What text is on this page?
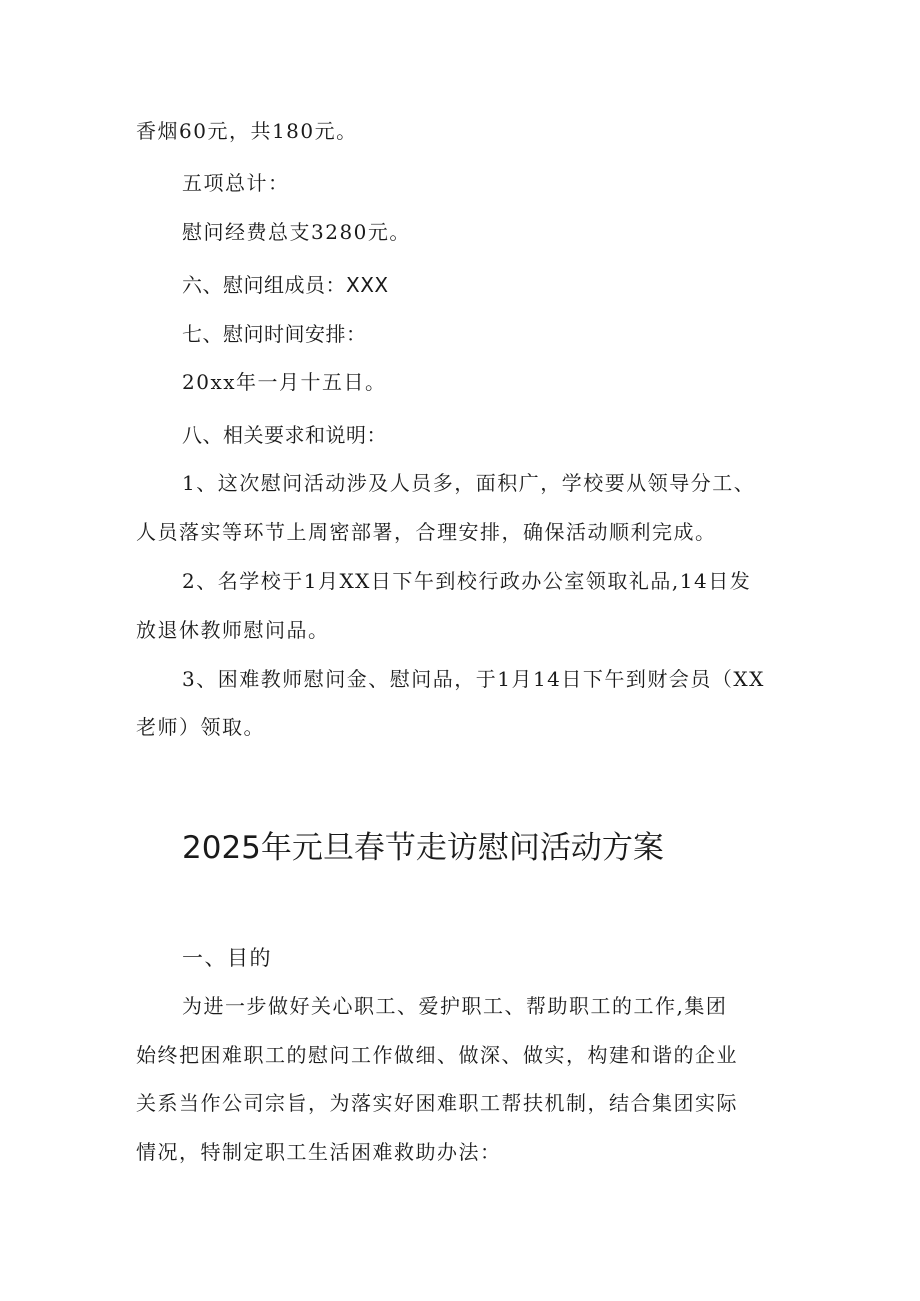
香烟60元，共180元。
五项总计：
慰问经费总支3280元。
六、慰问组成员：XXX
七、慰问时间安排：
20xx年一月十五日。
八、相关要求和说明：
1、这次慰问活动涉及人员多，面积广，学校要从领导分工、
人员落实等环节上周密部署，合理安排，确保活动顺利完成。
2、名学校于1月XX日下午到校行政办公室领取礼品,14日发
放退休教师慰问品。
3、困难教师慰问金、慰问品，于1月14日下午到财会员（XX
老师）领取。
2025年元旦春节走访慰问活动方案
一、目的
为进一步做好关心职工、爱护职工、帮助职工的工作,集团
始终把困难职工的慰问工作做细、做深、做实，构建和谐的企业
关系当作公司宗旨，为落实好困难职工帮扶机制，结合集团实际
情况，特制定职工生活困难救助办法：
